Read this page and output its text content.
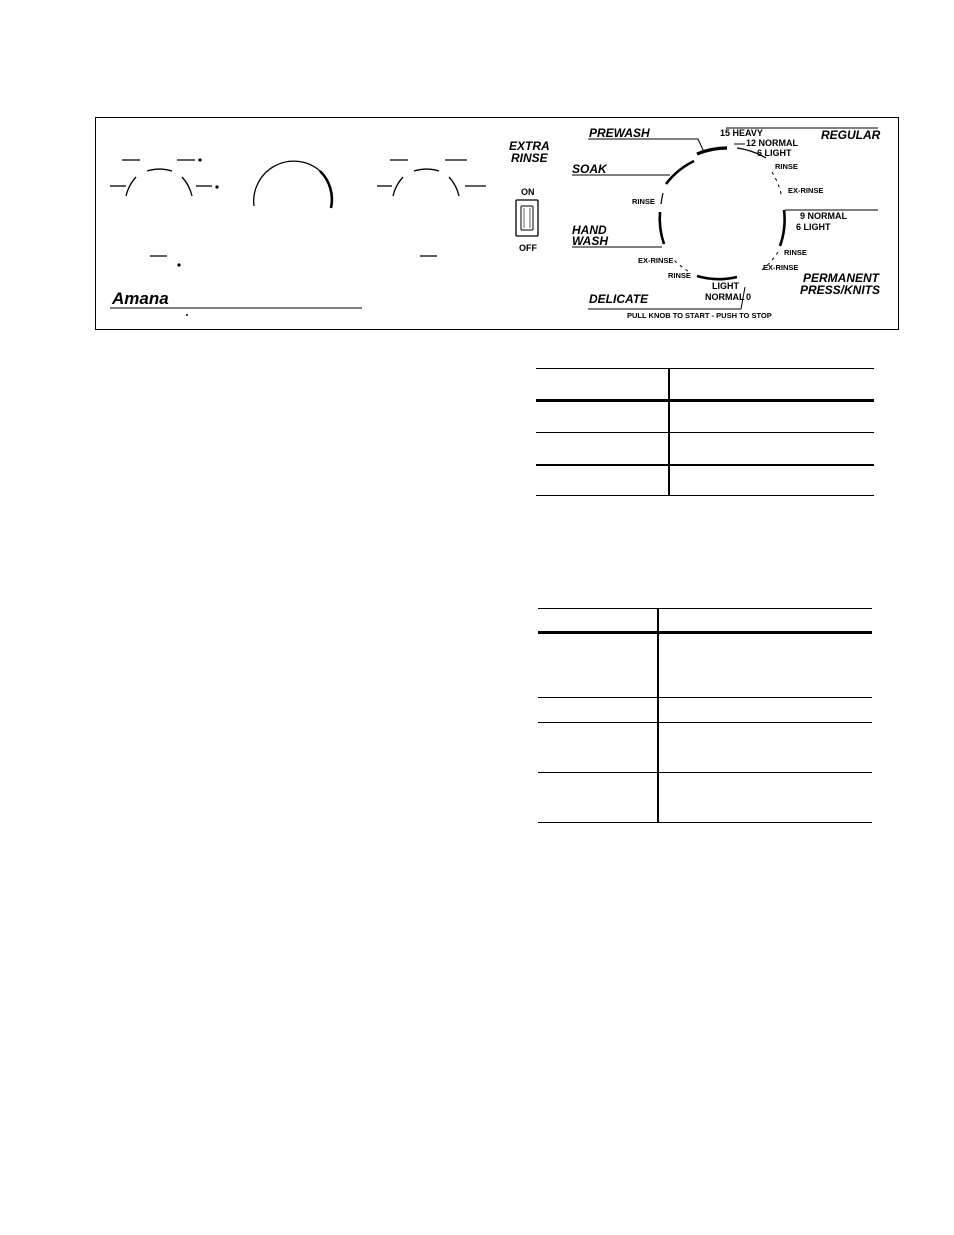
Amana
EXTRA
RINSE
ON
OFF
PREWASH
SOAK
HAND
WASH
DELICATE
REGULAR
PERMANENT
PRESS/KNITS
15 HEAVY
12 NORMAL
6 LIGHT
RINSE
EX-RINSE
9 NORMAL
6 LIGHT
RINSE
EX-RINSE
RINSE
EX-RINSE
RINSE
LIGHT
NORMAL 0
PULL KNOB TO START - PUSH TO STOP
